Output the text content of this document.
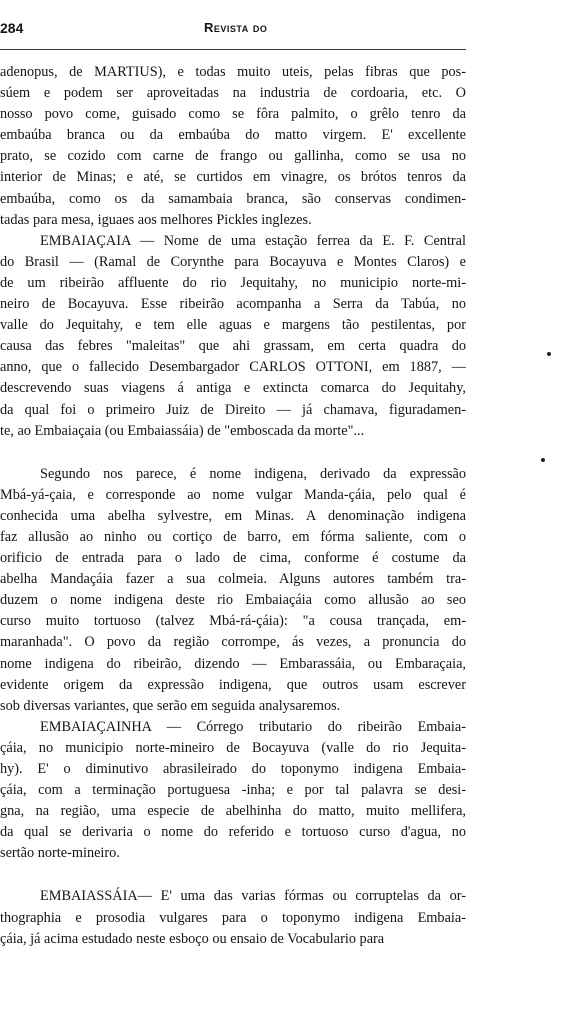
284	Revista do
adenopus, de MARTIUS), e todas muito uteis, pelas fibras que pos-
súem e podem ser aproveitadas na industria de cordoaria, etc. O
nosso povo come, guisado como se fôra palmito, o grêlo tenro da
embaúba branca ou da embaúba do matto virgem. E' excellente
prato, se cozido com carne de frango ou gallinha, como se usa no
interior de Minas; e até, se curtidos em vinagre, os brótos tenros da
embaúba, como os da samambaia branca, são conservas condimen-
tadas para mesa, iguaes aos melhores Pickles inglezes.
EMBAIAÇAIA — Nome de uma estação ferrea da E. F. Central
do Brasil — (Ramal de Corynthe para Bocayuva e Montes Claros) e
de um ribeirão affluente do rio Jequitahy, no municipio norte-mi-
neiro de Bocayuva. Esse ribeirão acompanha a Serra da Tabúa, no
valle do Jequitahy, e tem elle aguas e margens tão pestilentas, por
causa das febres "maleitas" que ahi grassam, em certa quadra do
anno, que o fallecido Desembargador CARLOS OTTONI, em 1887, —
descrevendo suas viagens á antiga e extincta comarca do Jequitahy,
da qual foi o primeiro Juiz de Direito — já chamava, figuradamen-
te, ao Embaiaçaia (ou Embaiassáia) de "emboscada da morte"...
Segundo nos parece, é nome indigena, derivado da expressão
Mbá-yá-çaia, e corresponde ao nome vulgar Manda-çáia, pelo qual é
conhecida uma abelha sylvestre, em Minas. A denominação indigena
faz allusão ao ninho ou cortiço de barro, em fórma saliente, com o
orificio de entrada para o lado de cima, conforme é costume da
abelha Mandaçáia fazer a sua colmeia. Alguns autores também tra-
duzem o nome indigena deste rio Embaiaçáia como allusão ao seo
curso muito tortuoso (talvez Mbá-rá-çáia): "a cousa trançada, em-
maranhada". O povo da região corrompe, ás vezes, a pronuncia do
nome indigena do ribeirão, dizendo — Embarassáia, ou Embaraçaia,
evidente origem da expressão indigena, que outros usam escrever
sob diversas variantes, que serão em seguida analysaremos.
EMBAIAÇAINHA — Córrego tributario do ribeirão Embaia-
çáia, no municipio norte-mineiro de Bocayuva (valle do rio Jequita-
hy). E' o diminutivo abrasileirado do toponymo indigena Embaia-
çáia, com a terminação portuguesa -inha; e por tal palavra se desi-
gna, na região, uma especie de abelhinha do matto, muito mellifera,
da qual se derivaria o nome do referido e tortuoso curso d'agua, no
sertão norte-mineiro.
EMBAIASSÁIA— E' uma das varias fórmas ou corruptelas da or-
thographia e prosodia vulgares para o toponymo indigena Embaia-
çáia, já acima estudado neste esboço ou ensaio de Vocabulario para
